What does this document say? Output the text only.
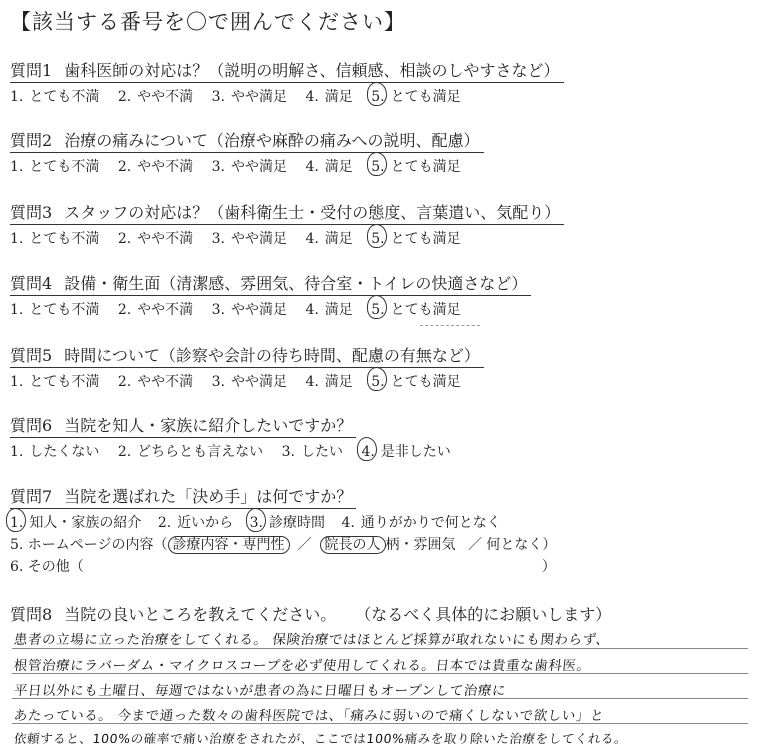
【該当する番号を〇で囲んでください】
質問1 歯科医師の対応は？（説明の明解さ、信頼感、相談のしやすさなど）
1. とても不満 2. やや不満 3. やや満足 4. 満足 5. とても満足
質問2 治療の痛みについて（治療や麻酔の痛みへの説明、配慮）
1. とても不満 2. やや不満 3. やや満足 4. 満足 5. とても満足
質問3 スタッフの対応は？（歯科衛生士・受付の態度、言葉遣い、気配り）
1. とても不満 2. やや不満 3. やや満足 4. 満足 5. とても満足
質問4 設備・衛生面（清潔感、雰囲気、待合室・トイレの快適さなど）
1. とても不満 2. やや不満 3. やや満足 4. 満足 5. とても満足
質問5 時間について（診察や会計の待ち時間、配慮の有無など）
1. とても不満 2. やや不満 3. やや満足 4. 満足 5. とても満足
質問6 当院を知人・家族に紹介したいですか？
1. したくない 2. どちらとも言えない 3. したい 4. 是非したい
質問7 当院を選ばれた「決め手」は何ですか？
1. 知人・家族の紹介 2. 近いから 3. 診療時間 4. 通りがかりで何となく
5. ホームページの内容（ 診療内容・専門性 ／ 院長の人 柄・雰囲気 ／ 何となく）
6. その他（	）
質問8 当院の良いところを教えてください。 （なるべく具体的にお願いします）
患者の立場に立った治療をしてくれる。 保険治療ではほとんど採算が取れないにも関わらず、
根管治療にラバーダム・マイクロスコープを必ず使用してくれる。日本では貴重な歯科医。
平日以外にも土曜日、毎週ではないが患者の為に日曜日もオープンして治療に
あたっている。 今まで通った数々の歯科医院では、「痛みに弱いので痛くしないで欲しい」と
依頼すると、100%の確率で痛い治療をされたが、ここでは100%痛みを取り除いた治療をしてくれる。
